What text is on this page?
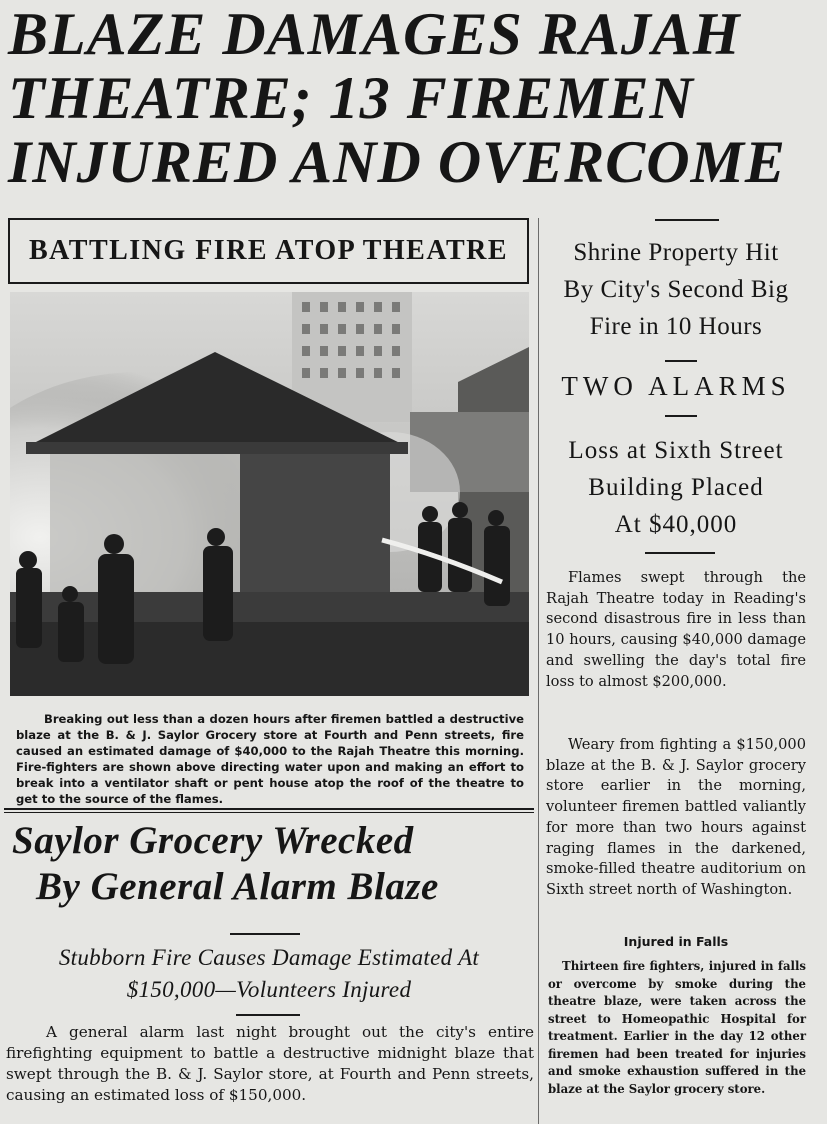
BLAZE DAMAGES RAJAH
THEATRE; 13 FIREMEN
INJURED AND OVERCOME
BATTLING FIRE ATOP THEATRE

Breaking out less than a dozen hours after firemen battled a destructive blaze at the B. & J. Saylor Grocery store at Fourth and Penn streets, fire caused an estimated damage of $40,000 to the Rajah Theatre this morning. Fire-fighters are shown above directing water upon and making an effort to break into a ventilator shaft or pent house atop the roof of the theatre to get to the source of the flames.

Saylor Grocery Wrecked
By General Alarm Blaze
Stubborn Fire Causes Damage Estimated At
$150,000—Volunteers Injured

A general alarm last night brought out the city's entire firefighting equipment to battle a destructive midnight blaze that swept through the B. & J. Saylor store, at Fourth and Penn streets, causing an estimated loss of $150,000.

Shrine Property Hit
By City's Second Big
Fire in 10 Hours
TWO ALARMS
Loss at Sixth Street
Building Placed
At $40,000

Flames swept through the Rajah Theatre today in Reading's second disastrous fire in less than 10 hours, causing $40,000 damage and swelling the day's total fire loss to almost $200,000.

Weary from fighting a $150,000 blaze at the B. & J. Saylor grocery store earlier in the morning, volunteer firemen battled valiantly for more than two hours against raging flames in the darkened, smoke-filled theatre auditorium on Sixth street north of Washington.

Injured in Falls

Thirteen fire fighters, injured in falls or overcome by smoke during the theatre blaze, were taken across the street to Homeopathic Hospital for treatment. Earlier in the day 12 other firemen had been treated for injuries and smoke exhaustion suffered in the blaze at the Saylor grocery store.
